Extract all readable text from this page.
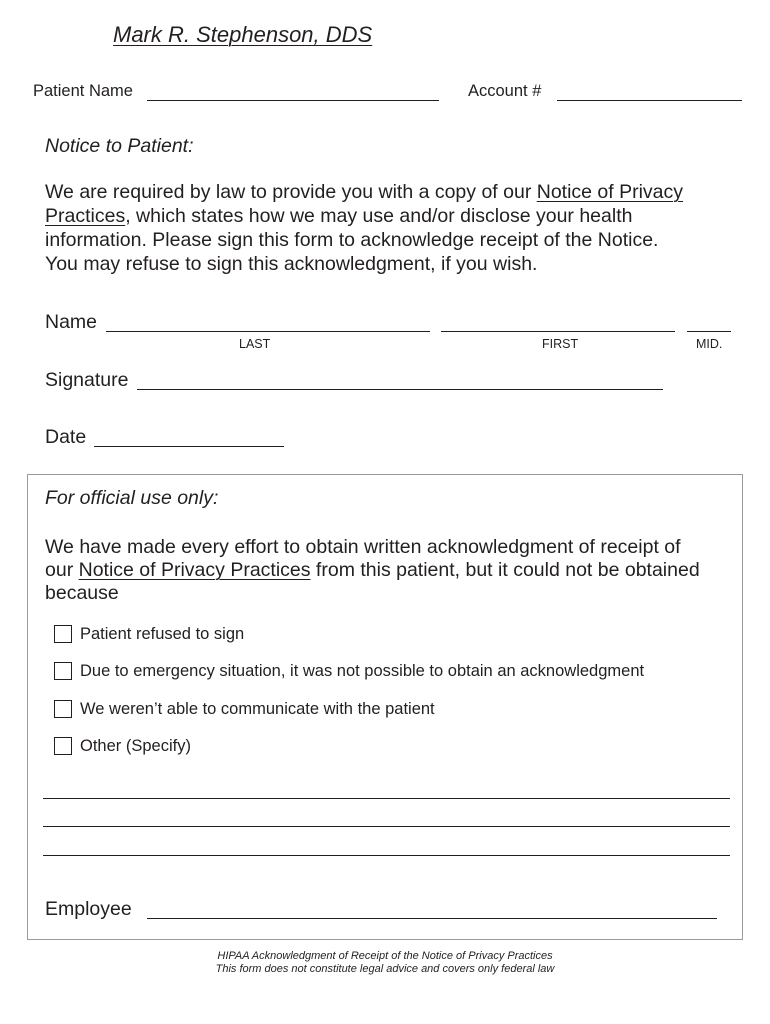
Mark R. Stephenson, DDS
Patient Name	Account #
Notice to Patient:

We are required by law to provide you with a copy of our Notice of Privacy

Practices, which states how we may use and/or disclose your health

information. Please sign this form to acknowledge receipt of the Notice.

You may refuse to sign this acknowledgment, if you wish.

Name
LAST	FIRST	MID.
Signature
Date
For official use only:

We have made every effort to obtain written acknowledgment of receipt of

our Notice of Privacy Practices from this patient, but it could not be obtained

because

Patient refused to sign
Due to emergency situation, it was not possible to obtain an acknowledgment
We weren’t able to communicate with the patient
Other (Specify)
Employee
HIPAA Acknowledgment of Receipt of the Notice of Privacy Practices
This form does not constitute legal advice and covers only federal law
